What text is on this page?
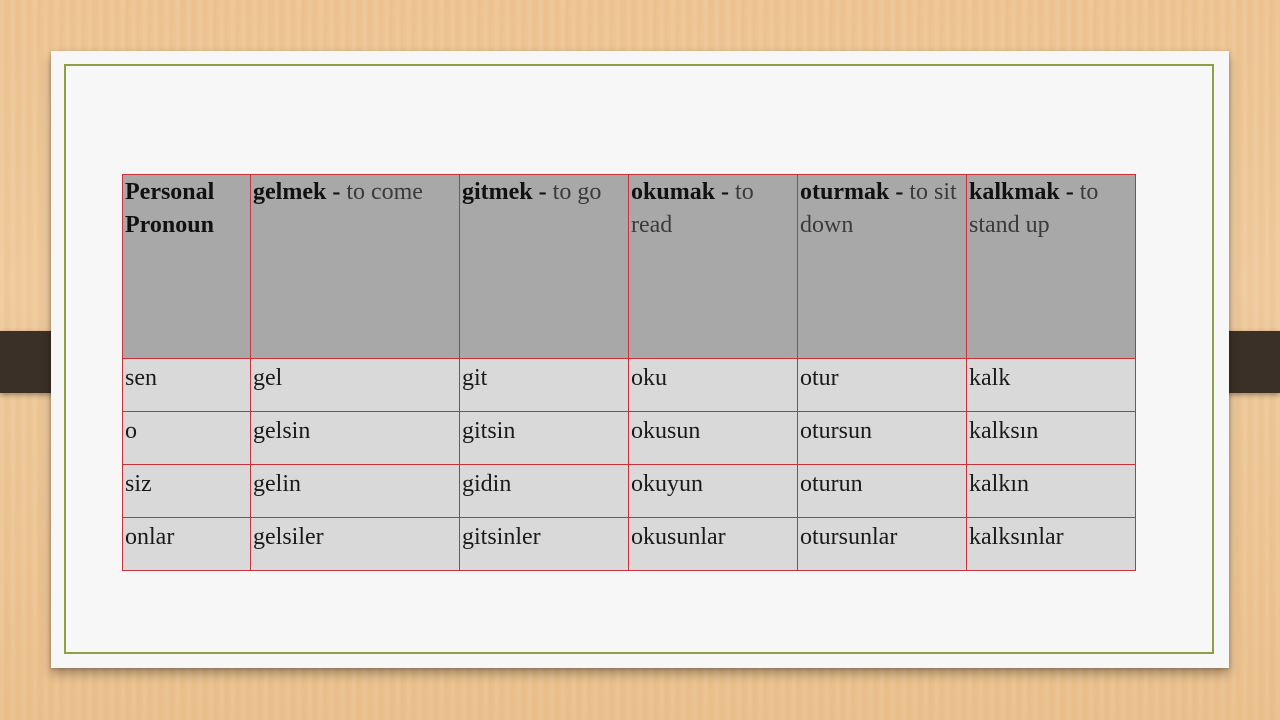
Personal Pronoun	gelmek - to come	gitmek - to go	okumak - to read	oturmak - to sit down	kalkmak - to stand up
sen	gel	git	oku	otur	kalk
o	gelsin	gitsin	okusun	otursun	kalksın
siz	gelin	gidin	okuyun	oturun	kalkın
onlar	gelsiler	gitsinler	okusunlar	otursunlar	kalksınlar
